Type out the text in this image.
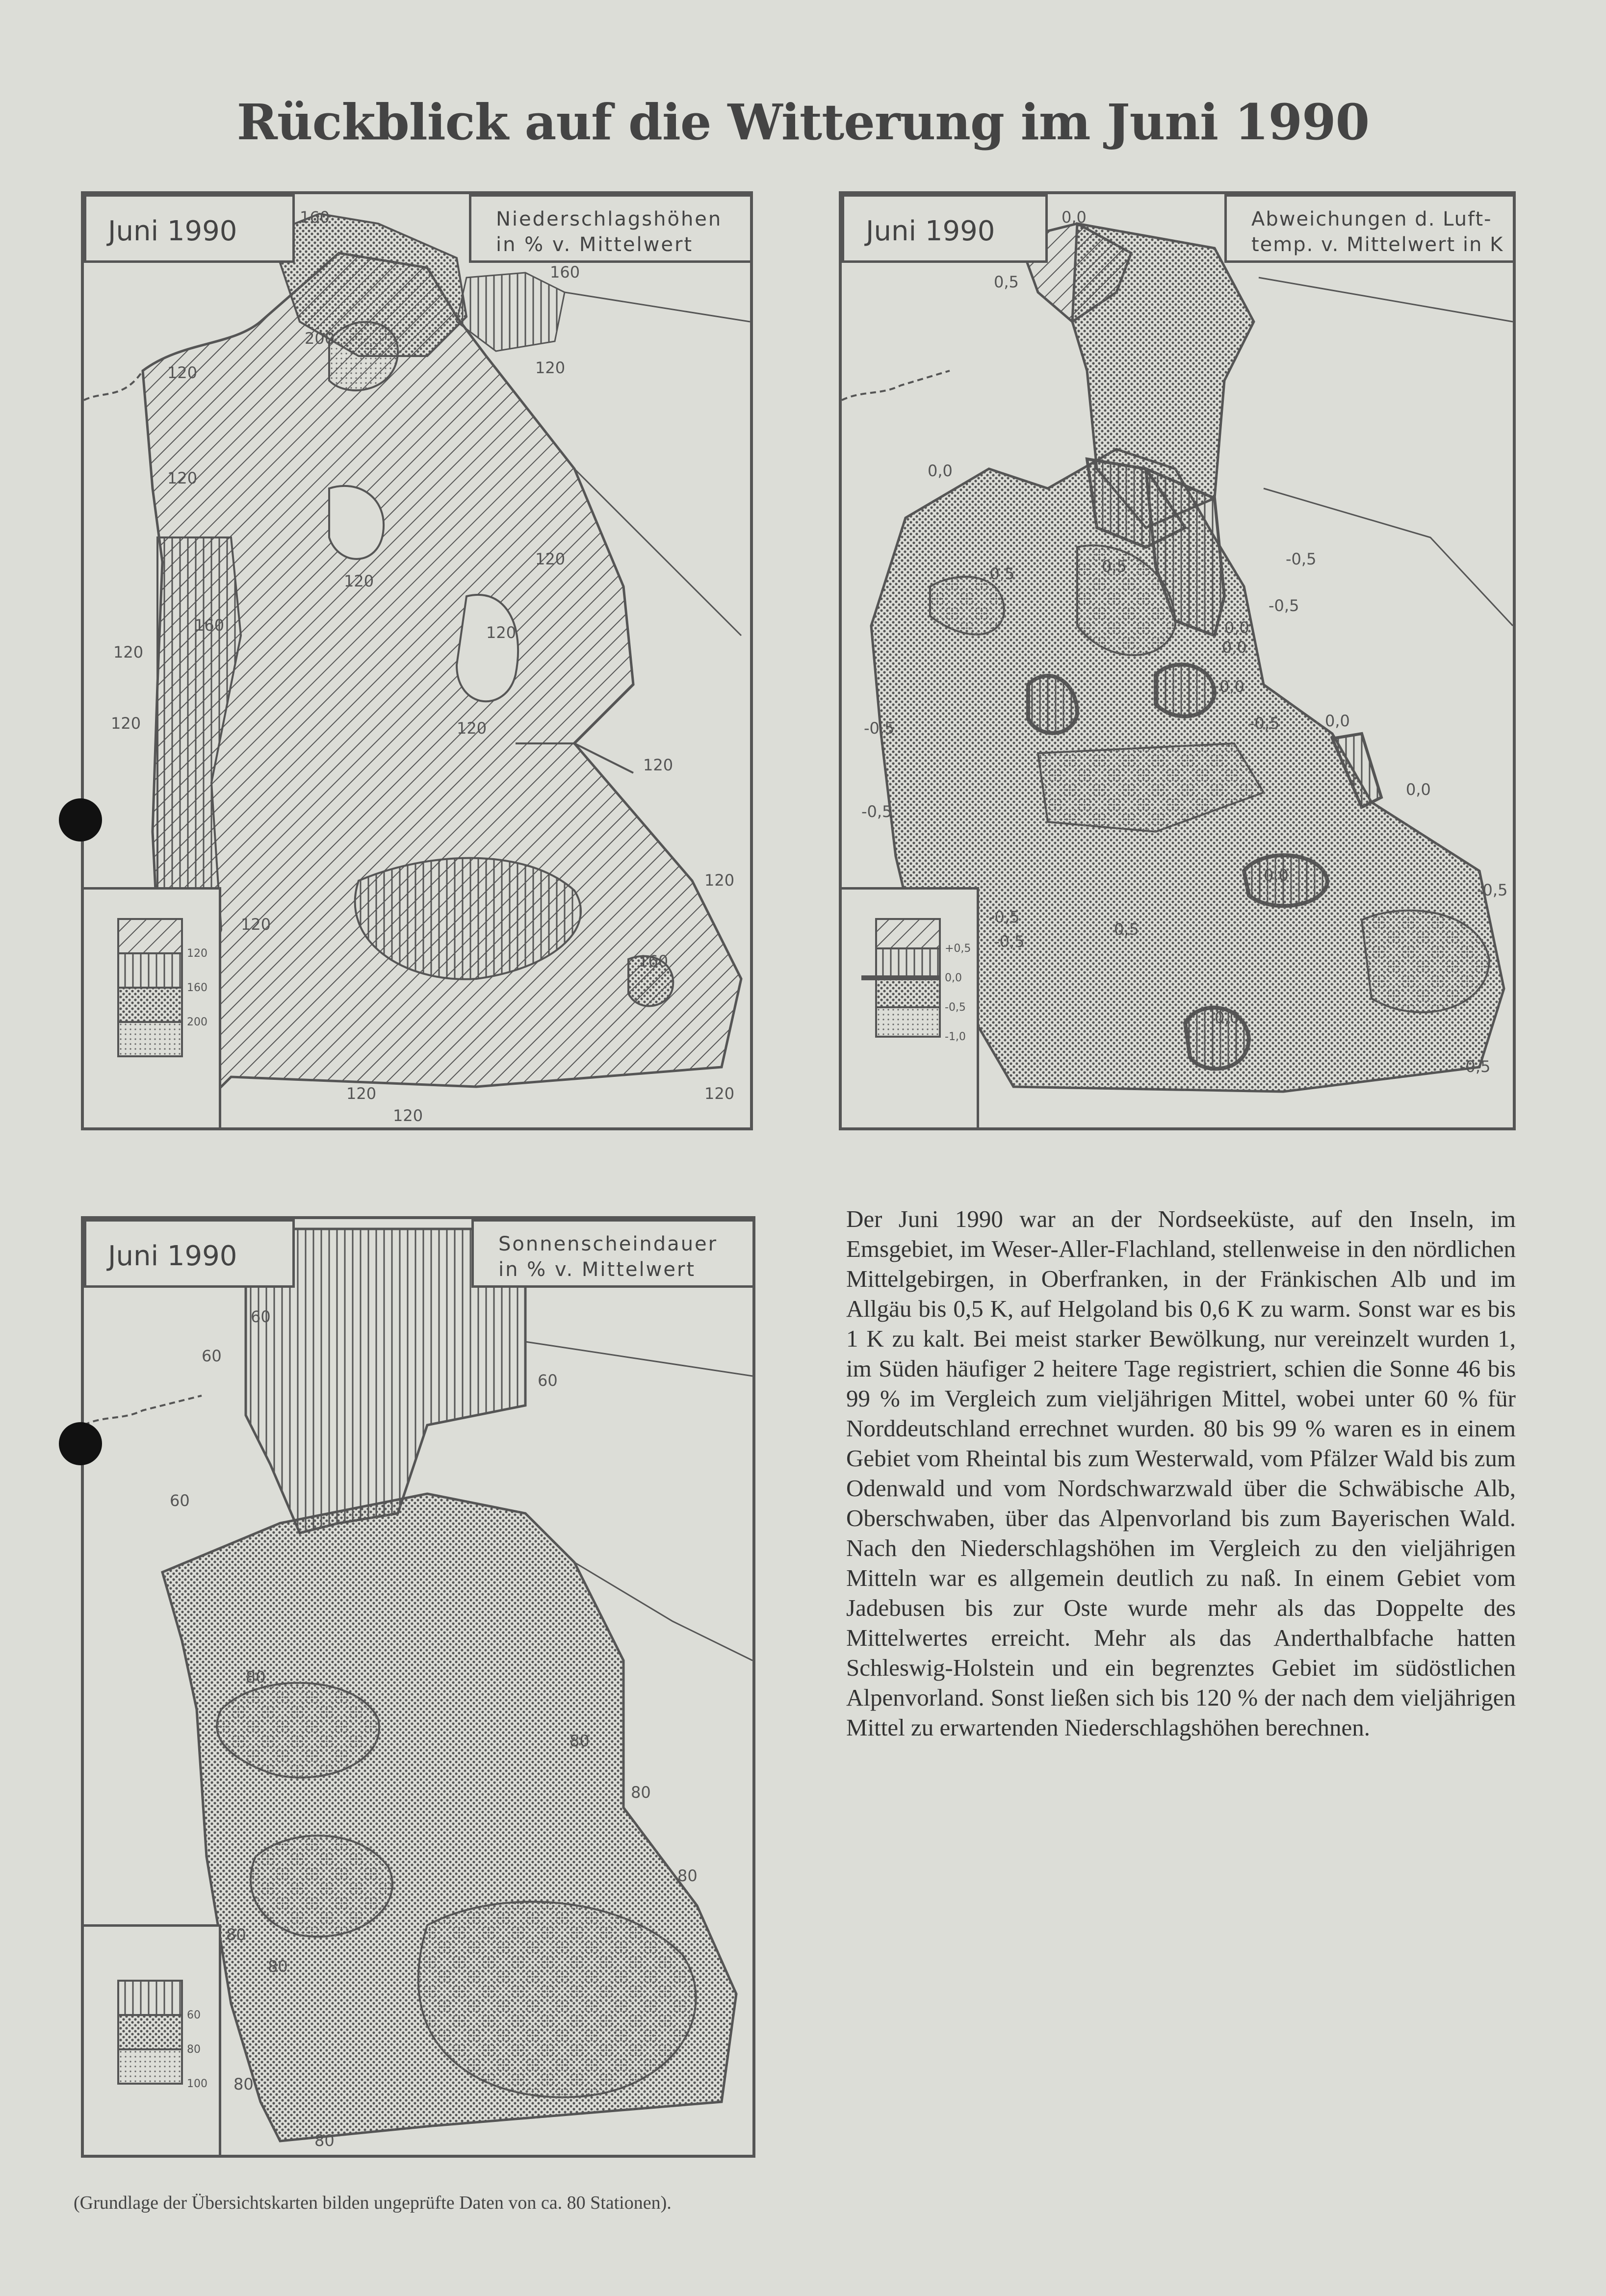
Rückblick auf die Witterung im Juni 1990
Juni 1990	Niederschlagshöhen
in % v. Mittelwert
160
160
200
120	120
120
120
120
120
160
120
120	120
120
120
120
160
120	120
120
120
160
200
Juni 1990	Abweichungen d. Luft-
temp. v. Mittelwert in K
0,0
0,5
0,0
-0,5	0,5	-0,5
-0,5
0,0
0,0
0,0
-0,5
-0,5	0,0
0,0
-0,5
0,0
-0,5
-0,5
-0,5
0,5
0,0
-0,5
+0,5
0,0
-0,5
-1,0
Juni 1990	Sonnenscheindauer
in % v. Mittelwert
60
60
60
60
80
80
80
80
80
80
80
80
60
80
100
Der Juni 1990 war an der Nordseeküste, auf den Inseln, im Emsgebiet, im Weser-Aller-Flachland, stellenweise in den nördlichen Mittelgebirgen, in Oberfranken, in der Fränkischen Alb und im Allgäu bis 0,5 K, auf Helgoland bis 0,6 K zu warm. Sonst war es bis 1 K zu kalt. Bei meist starker Bewölkung, nur vereinzelt wurden 1, im Süden häufiger 2 heitere Tage registriert, schien die Sonne 46 bis 99 % im Vergleich zum vieljährigen Mittel, wobei unter 60 % für Norddeutschland errechnet wurden. 80 bis 99 % waren es in einem Gebiet vom Rheintal bis zum Westerwald, vom Pfälzer Wald bis zum Odenwald und vom Nordschwarzwald über die Schwäbische Alb, Oberschwaben, über das Alpenvorland bis zum Bayerischen Wald. Nach den Niederschlagshöhen im Vergleich zu den vieljährigen Mitteln war es allgemein deutlich zu naß. In einem Gebiet vom Jadebusen bis zur Oste wurde mehr als das Doppelte des Mittelwertes erreicht. Mehr als das Anderthalbfache hatten Schleswig-Holstein und ein begrenztes Gebiet im südöstlichen Alpenvorland. Sonst ließen sich bis 120 % der nach dem vieljährigen Mittel zu erwartenden Niederschlagshöhen berechnen.
(Grundlage der Übersichtskarten bilden ungeprüfte Daten von ca. 80 Stationen).
